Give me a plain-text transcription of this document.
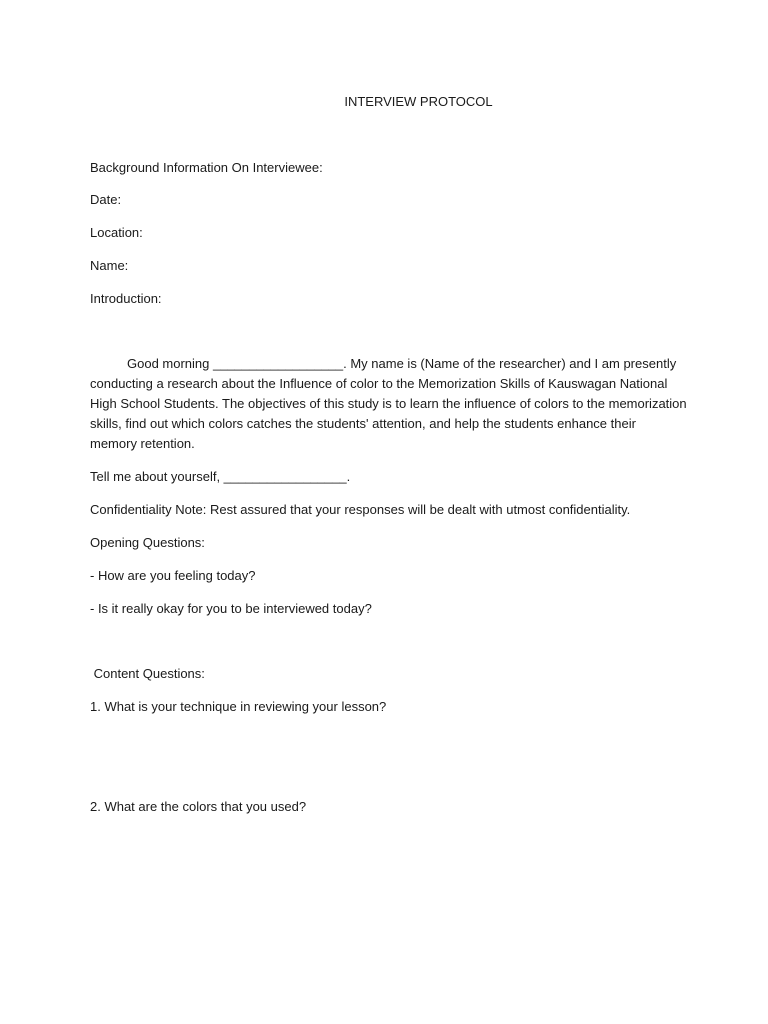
INTERVIEW PROTOCOL
Background Information On Interviewee:
Date:
Location:
Name:
Introduction:
Good morning __________________. My name is (Name of the researcher) and I am presently
conducting a research about the Influence of color to the Memorization Skills of Kauswagan National
High School Students. The objectives of this study is to learn the influence of colors to the memorization
skills, find out which colors catches the students' attention, and help the students enhance their
memory retention.
Tell me about yourself, _________________.
Confidentiality Note: Rest assured that your responses will be dealt with utmost confidentiality.
Opening Questions:
- How are you feeling today?
- Is it really okay for you to be interviewed today?
Content Questions:
1. What is your technique in reviewing your lesson?
2. What are the colors that you used?
